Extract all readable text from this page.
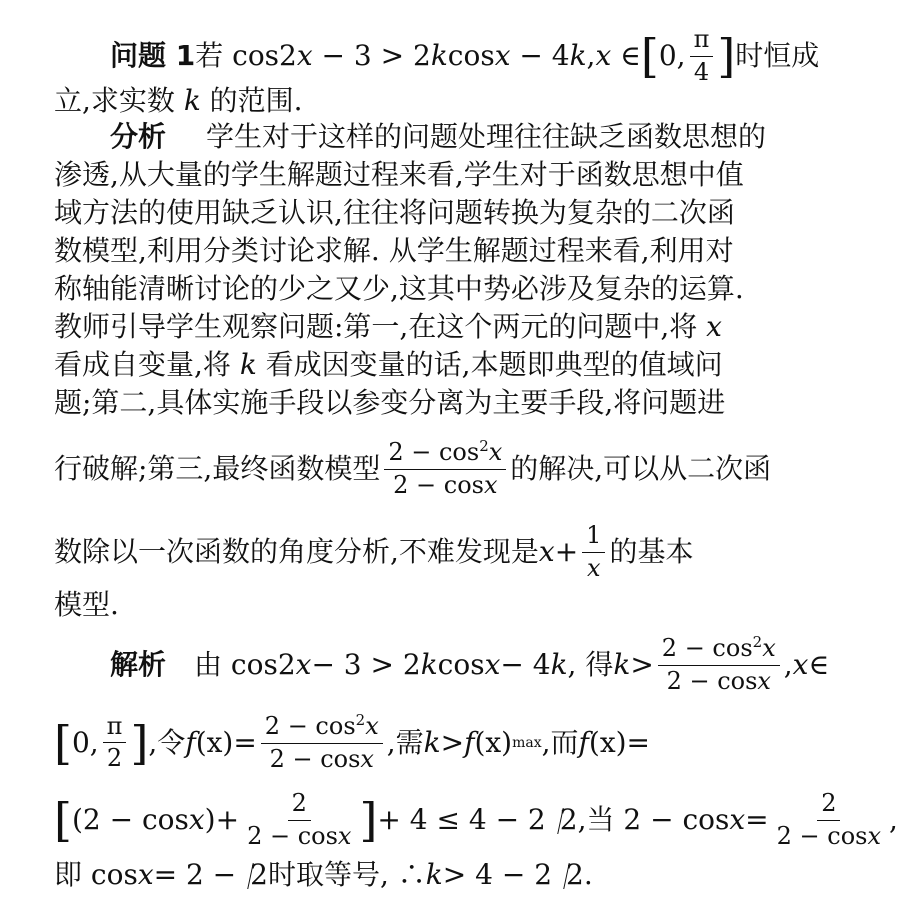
问题 1 若 cos2x − 3 > 2kcosx − 4k,x ∈ [ 0, $\frac{\pi}{4}$ ] 时恒成
立,求实数 k 的范围.
分析 学生对于这样的问题处理往往缺乏函数思想的
渗透,从大量的学生解题过程来看,学生对于函数思想中值
域方法的使用缺乏认识,往往将问题转换为复杂的二次函
数模型,利用分类讨论求解. 从学生解题过程来看,利用对
称轴能清晰讨论的少之又少,这其中势必涉及复杂的运算.
教师引导学生观察问题:第一,在这个两元的问题中,将 x
看成自变量,将 k 看成因变量的话,本题即典型的值域问
题;第二,具体实施手段以参变分离为主要手段,将问题进
行破解;第三,最终函数模型 $\frac{2 - \cos^2x}{2 - \cos x}$ 的解决,可以从二次函
数除以一次函数的角度分析,不难发现是 $x + \frac{1}{x}$ 的基本
模型.
解析 由 cos2 x − 3 > 2 k cos x − 4 k , 得 $k > \frac{2 - \cos^2x}{2 - \cos x}$ , x ∈
[ 0, $\frac{\pi}{2}$ ] ,令 f $(x) = \frac{2 - \cos^2x}{2 - \cos x}$ ,需 k > f (x) max ,而 f (x) =
[ (2 − cos x ) + $\frac{2}{2 - \cos x}$ ] + 4 ≤ 4 − 2 2 ,当 $2 - \cos x = \frac{2}{2 - \cos x}$ ,
即 cos x = 2 − 2 时取等号, ∴ k > 4 − 2 2 .
